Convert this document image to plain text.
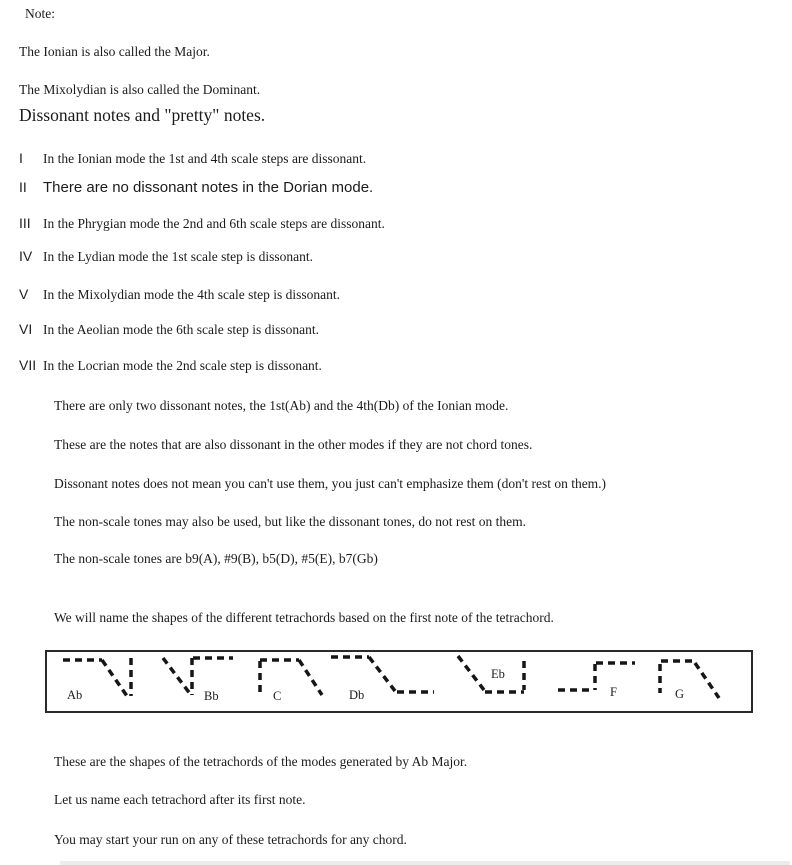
Note:
The Ionian is also called the Major.
The Mixolydian is also called the Dominant.
Dissonant notes and "pretty" notes.
I	In the Ionian mode the 1st and 4th scale steps are dissonant.
II	There are no dissonant notes in the Dorian mode.
III In the Phrygian mode the 2nd and 6th scale steps are dissonant.
IV In the Lydian mode the 1st scale step is dissonant.
V	In the Mixolydian mode the 4th scale step is dissonant.
VI In the Aeolian mode the 6th scale step is dissonant.
VII In the Locrian mode the 2nd scale step is dissonant.
There are only two dissonant notes, the 1st(Ab) and the 4th(Db) of the Ionian mode.
These are the notes that are also dissonant in the other modes if they are not chord tones.
Dissonant notes does not mean you can't use them, you just can't emphasize them (don't rest on them.)
The non-scale tones may also be used, but like the dissonant tones, do not rest on them.
The non-scale tones are b9(A), #9(B), b5(D), #5(E), b7(Gb)
We will name the shapes of the different tetrachords based on the first note of the tetrachord.
Ab	Bb	C	Db
Eb
F	G
These are the shapes of the tetrachords of the modes generated by Ab Major.
Let us name each tetrachord after its first note.
You may start your run on any of these tetrachords for any chord.
